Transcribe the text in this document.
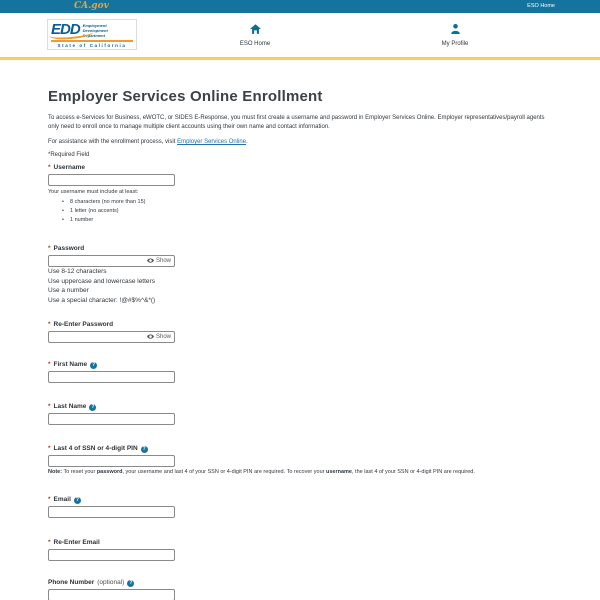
CA.gov	ESO Home
EDD Employment
Development
Department
State of California	ESO Home	My Profile
Employer Services Online Enrollment

To access e-Services for Business, eWOTC, or SIDES E-Response, you must first create a username and password in Employer Services Online. Employer representatives/payroll agents only need to enroll once to manage multiple client accounts using their own name and contact information.

For assistance with the enrollment process, visit Employer Services Online.

*Required Field

* Username
Your username must include at least:
• 8 characters (no more than 15)
• 1 letter (no accents)
• 1 number
* Password
Show
Use 8-12 characters
Use uppercase and lowercase letters
Use a number
Use a special character: !@#$%^&*()
* Re-Enter Password
Show
* First Name ?
* Last Name ?
* Last 4 of SSN or 4-digit PIN ?

Note: To reset your password, your username and last 4 of your SSN or 4-digit PIN are required. To recover your username, the last 4 of your SSN or 4-digit PIN are required.

* Email ?
* Re-Enter Email
Phone Number (optional) ?
